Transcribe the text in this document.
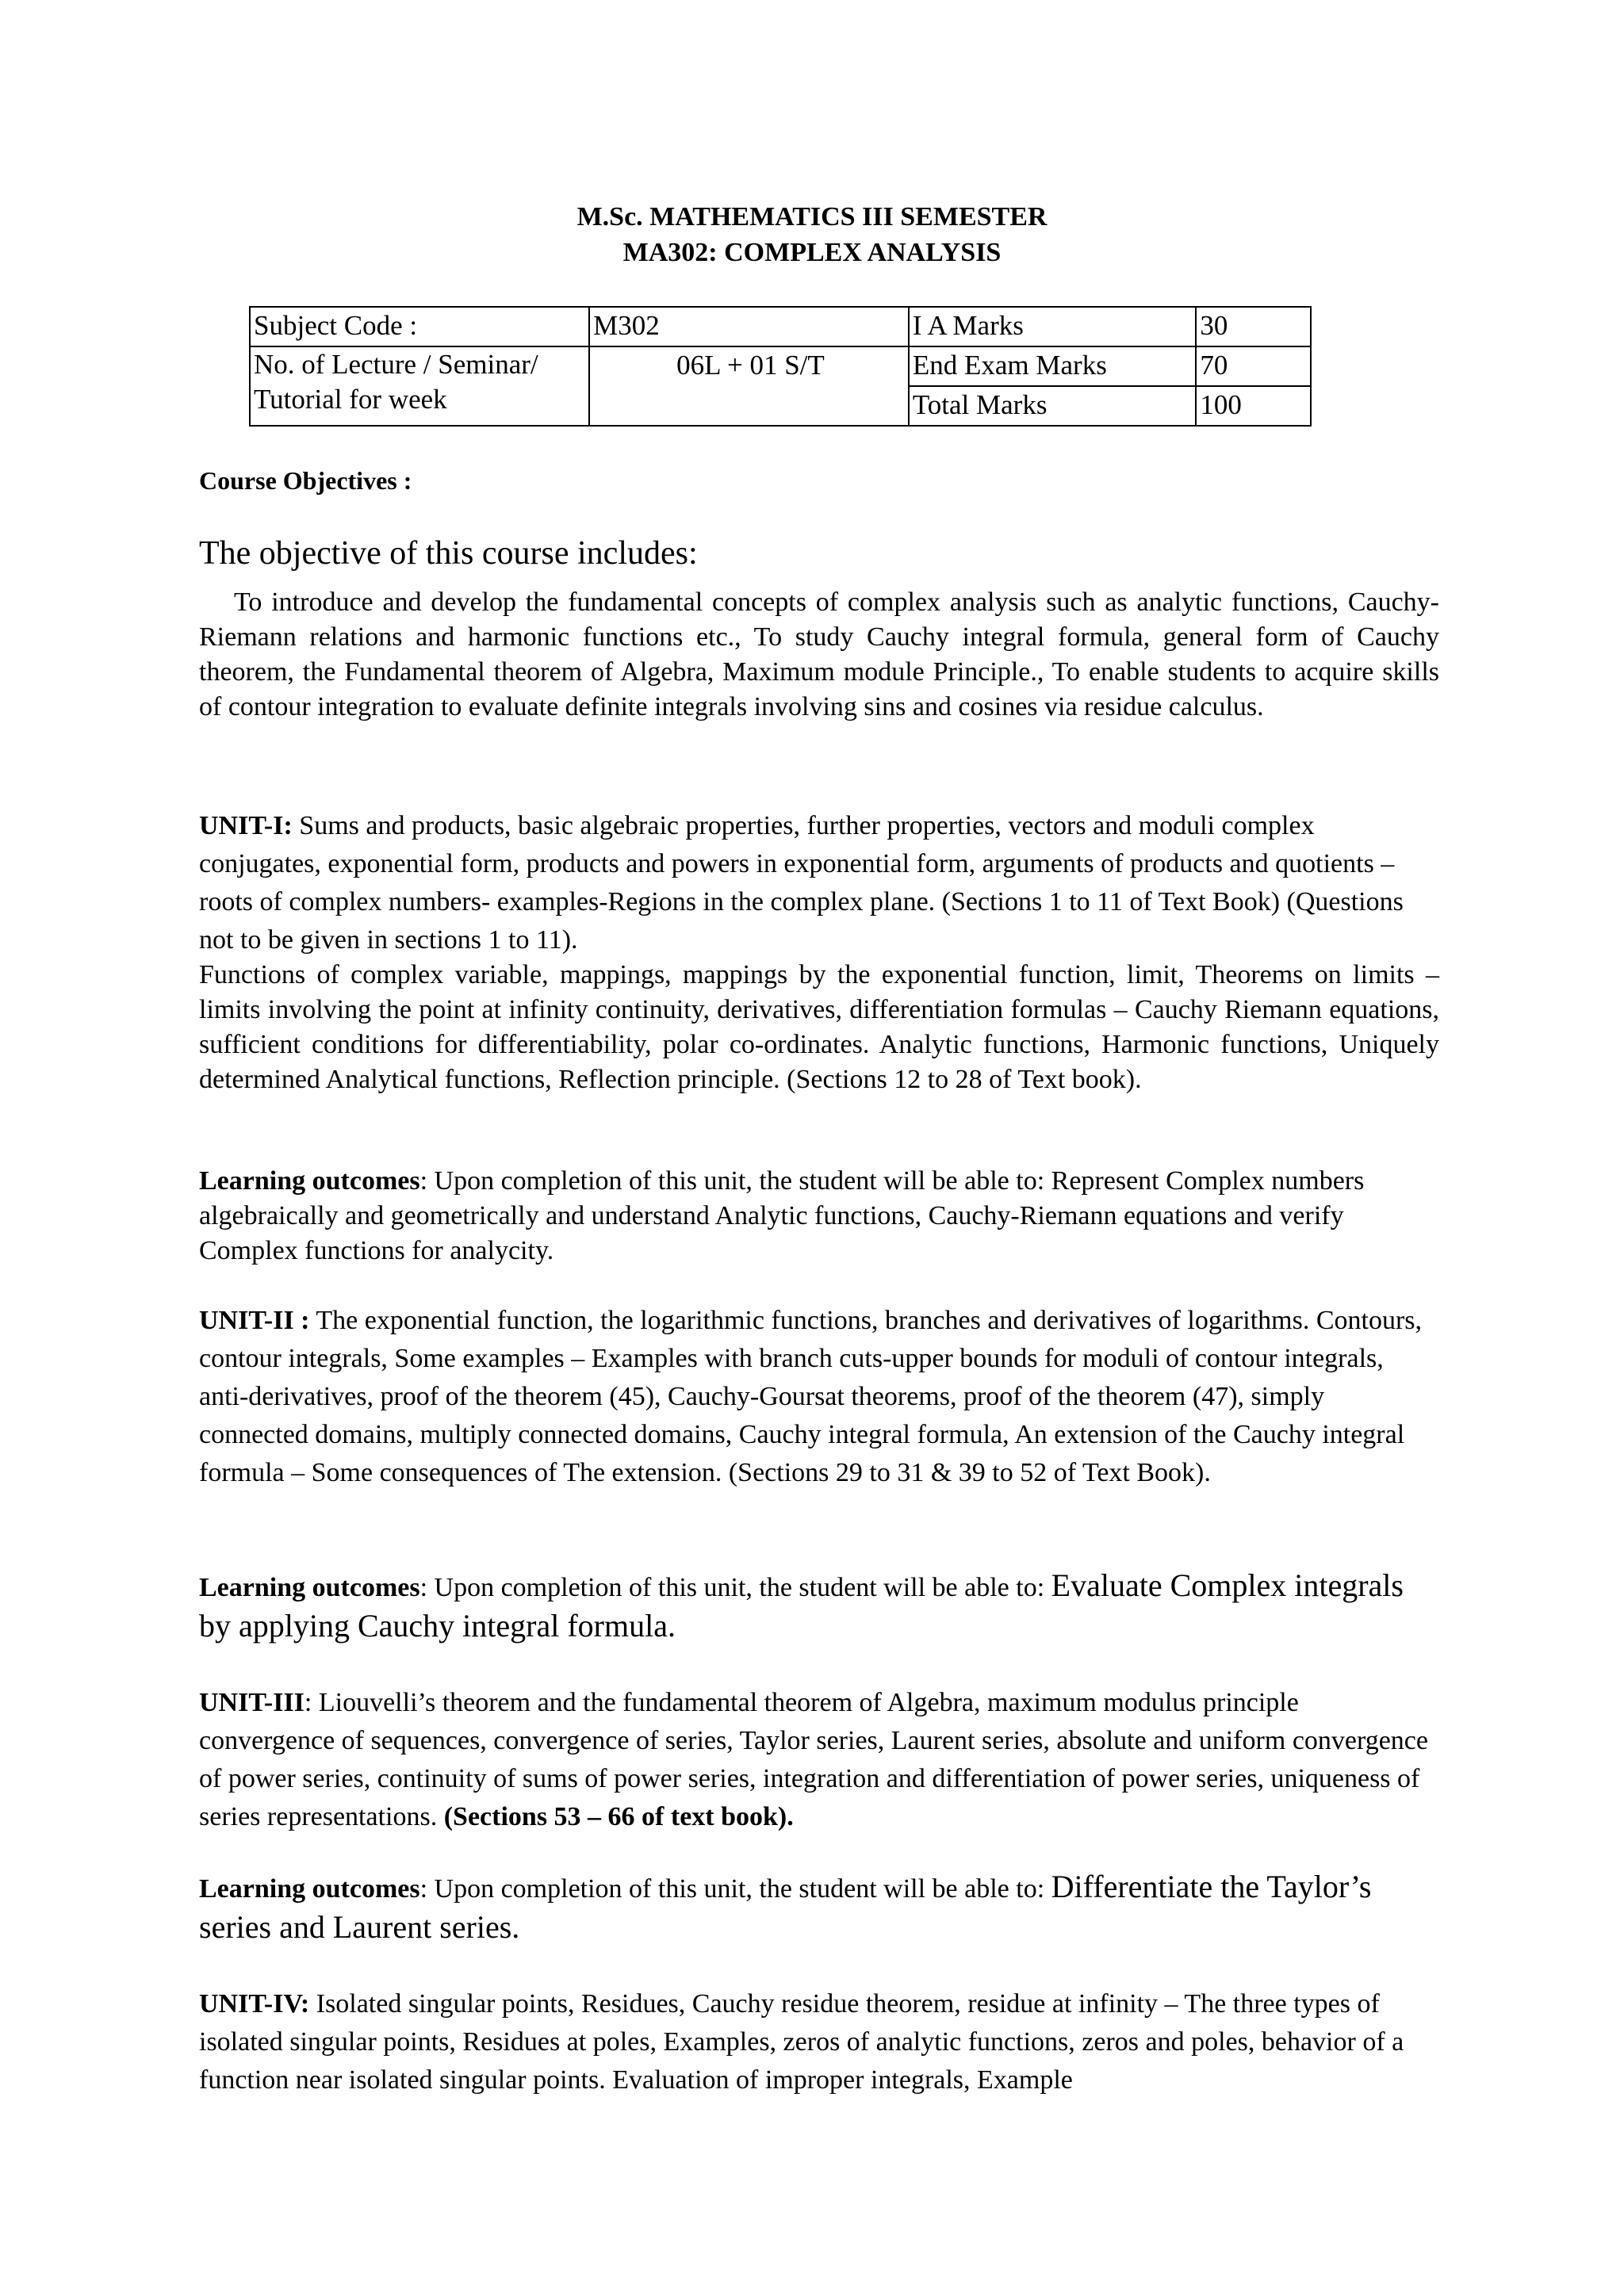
M.Sc. MATHEMATICS III SEMESTER
MA302: COMPLEX ANALYSIS
Subject Code :	M302	I A Marks	30
No. of Lecture / Seminar/ Tutorial for week	06L + 01 S/T	End Exam Marks	70
		Total Marks	100
Course Objectives :
The objective of this course includes:
To introduce and develop the fundamental concepts of complex analysis such as analytic functions, Cauchy-Riemann relations and harmonic functions etc., To study Cauchy integral formula, general form of Cauchy theorem, the Fundamental theorem of Algebra, Maximum module Principle., To enable students to acquire skills of contour integration to evaluate definite integrals involving sins and cosines via residue calculus.
UNIT-I: Sums and products, basic algebraic properties, further properties, vectors and moduli complex conjugates, exponential form, products and powers in exponential form, arguments of products and quotients – roots of complex numbers- examples-Regions in the complex plane. (Sections 1 to 11 of Text Book) (Questions not to be given in sections 1 to 11).
Functions of complex variable, mappings, mappings by the exponential function, limit, Theorems on limits – limits involving the point at infinity continuity, derivatives, differentiation formulas – Cauchy Riemann equations, sufficient conditions for differentiability, polar co-ordinates. Analytic functions, Harmonic functions, Uniquely determined Analytical functions, Reflection principle. (Sections 12 to 28 of Text book).
Learning outcomes: Upon completion of this unit, the student will be able to: Represent Complex numbers algebraically and geometrically and understand Analytic functions, Cauchy-Riemann equations and verify Complex functions for analycity.
UNIT-II : The exponential function, the logarithmic functions, branches and derivatives of logarithms. Contours, contour integrals, Some examples – Examples with branch cuts-upper bounds for moduli of contour integrals, anti-derivatives, proof of the theorem (45), Cauchy-Goursat theorems, proof of the theorem (47), simply connected domains, multiply connected domains, Cauchy integral formula, An extension of the Cauchy integral formula – Some consequences of The extension. (Sections 29 to 31 & 39 to 52 of Text Book).
Learning outcomes: Upon completion of this unit, the student will be able to: Evaluate Complex integrals by applying Cauchy integral formula.
UNIT-III: Liouvelli’s theorem and the fundamental theorem of Algebra, maximum modulus principle convergence of sequences, convergence of series, Taylor series, Laurent series, absolute and uniform convergence of power series, continuity of sums of power series, integration and differentiation of power series, uniqueness of series representations. (Sections 53 – 66 of text book).
Learning outcomes: Upon completion of this unit, the student will be able to: Differentiate the Taylor’s series and Laurent series.
UNIT-IV: Isolated singular points, Residues, Cauchy residue theorem, residue at infinity – The three types of isolated singular points, Residues at poles, Examples, zeros of analytic functions, zeros and poles, behavior of a function near isolated singular points. Evaluation of improper integrals, Example
